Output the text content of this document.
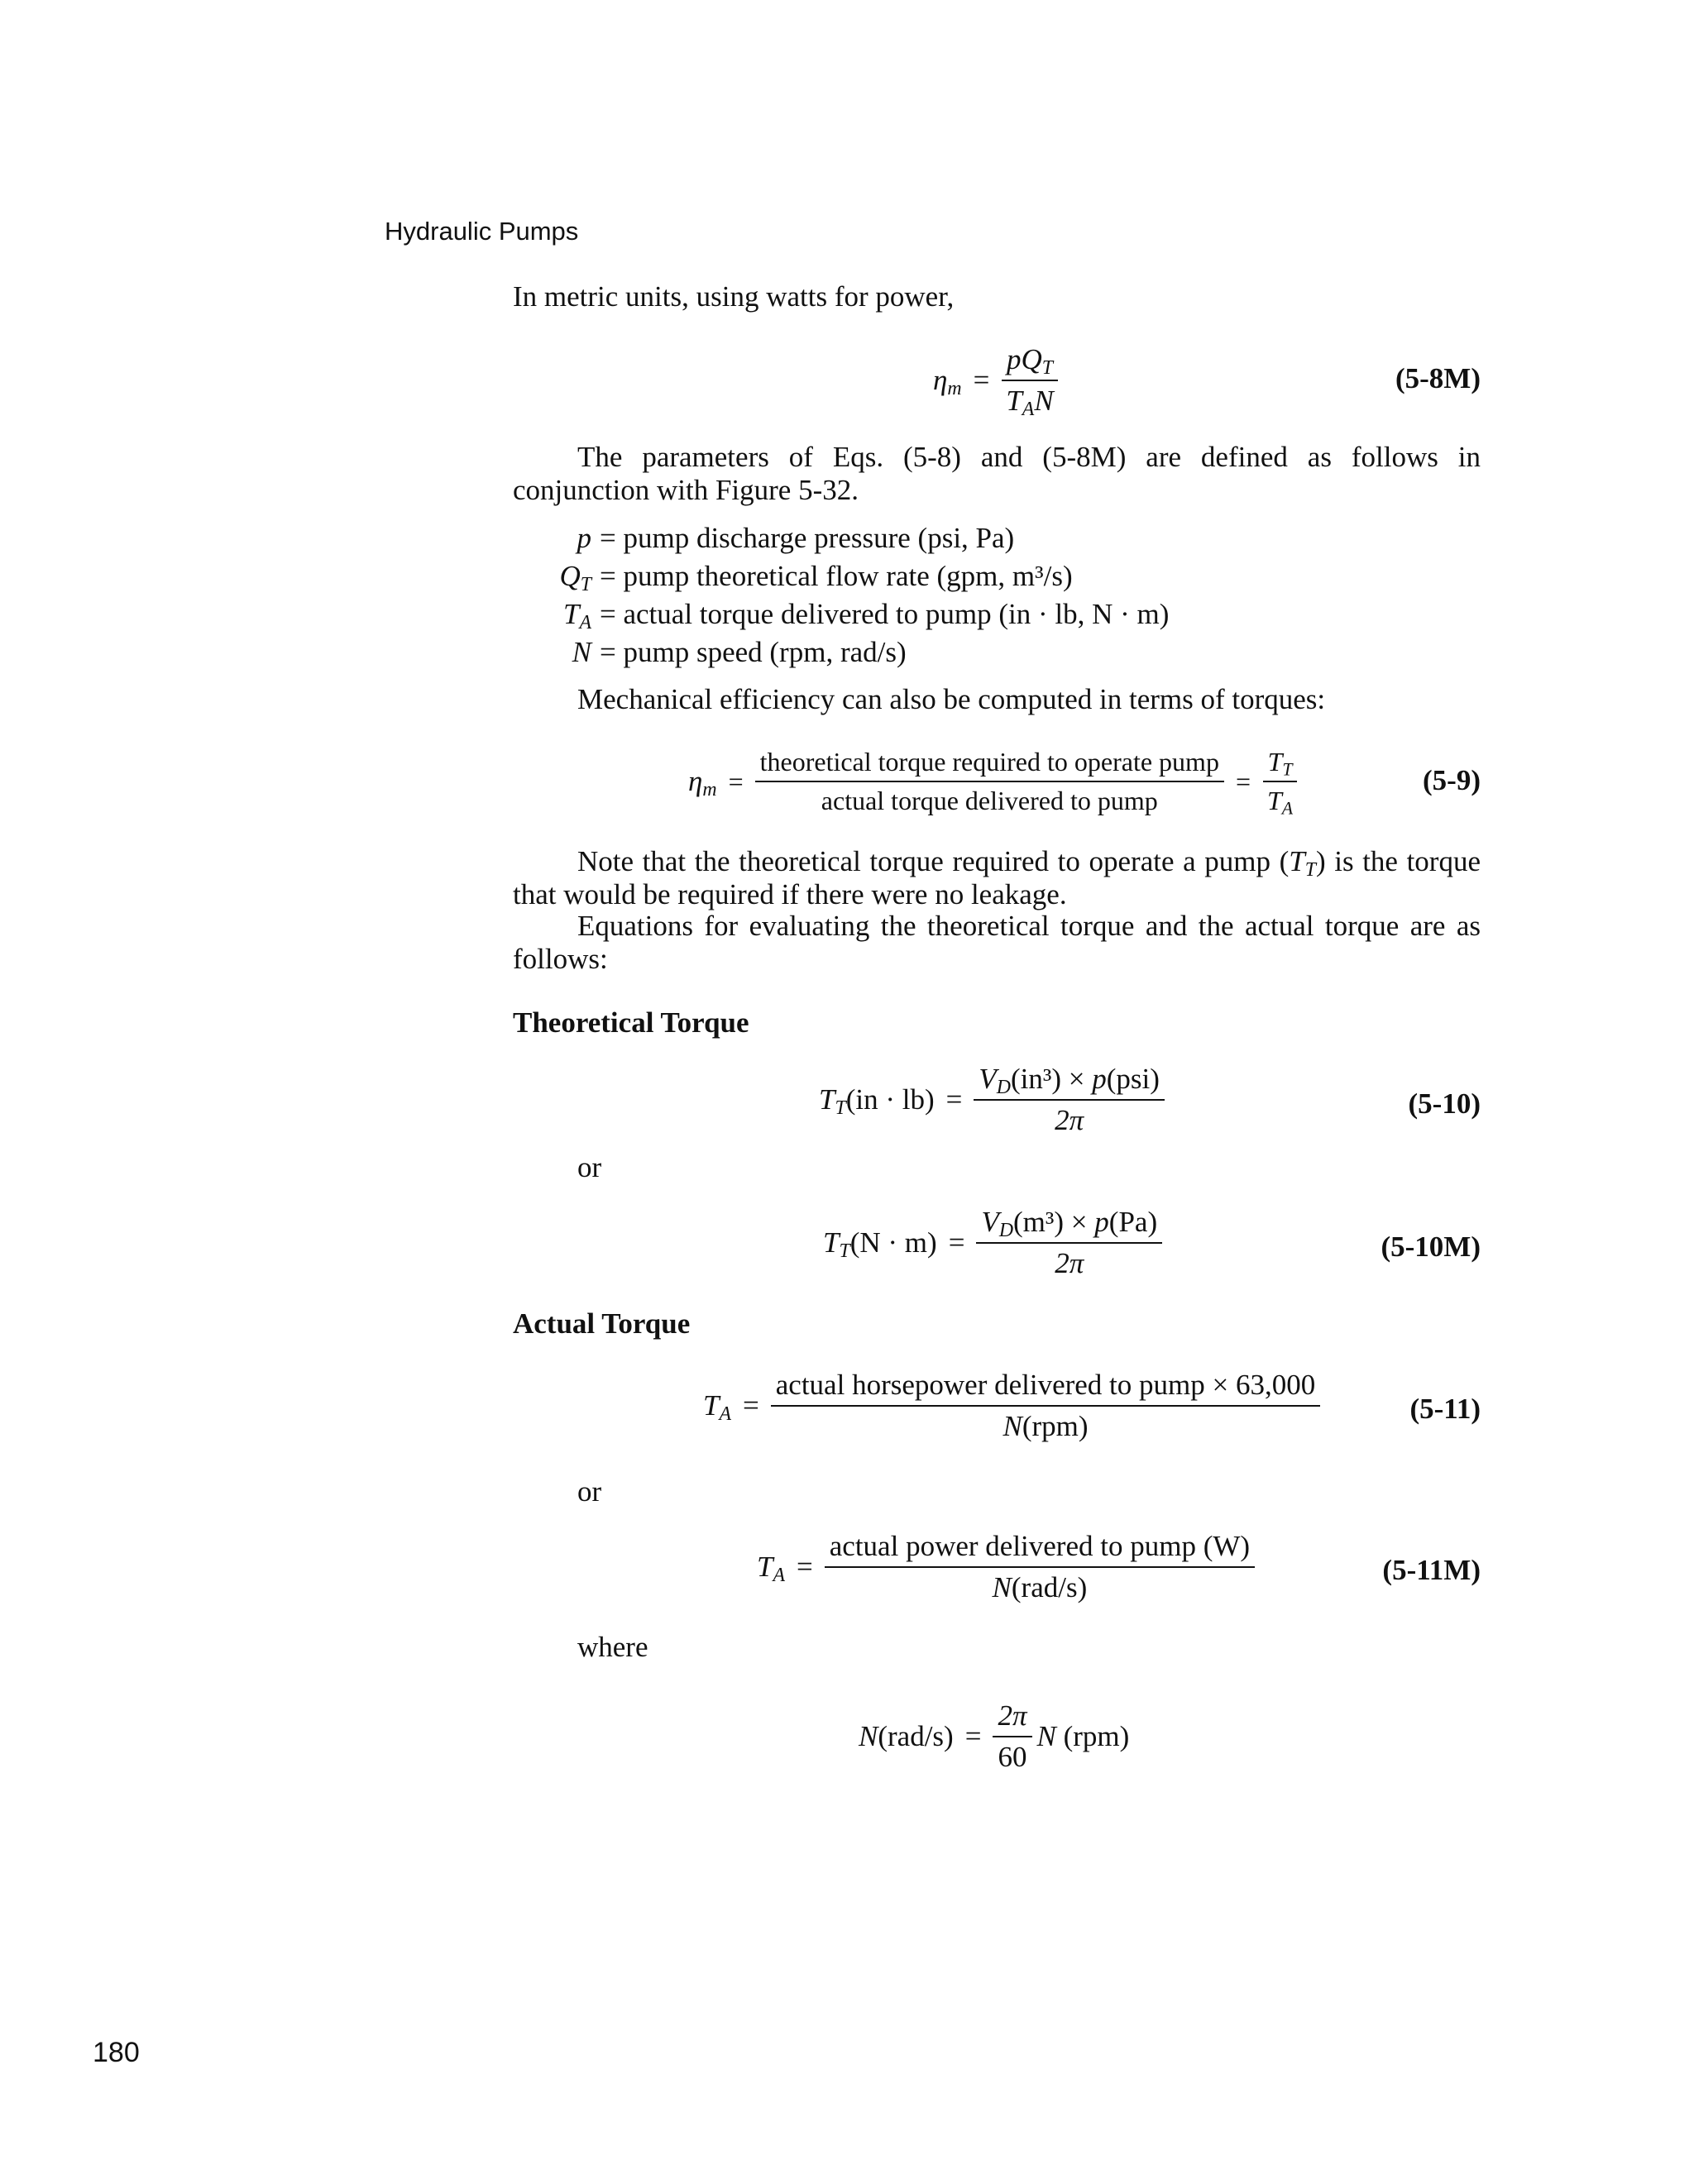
Hydraulic Pumps
In metric units, using watts for power,
$\eta_m = \frac{pQ_T}{T_AN}$	(5-8M)
The parameters of Eqs. (5-8) and (5-8M) are defined as follows in conjunction with Figure 5-32.
p = pump discharge pressure (psi, Pa)
$Q_T$ = pump theoretical flow rate (gpm, m³/s)
$T_A$ = actual torque delivered to pump (in · lb, N · m)
N = pump speed (rpm, rad/s)
Mechanical efficiency can also be computed in terms of torques:
$\eta_m = \frac{\text{theoretical torque required to operate pump}}{\text{actual torque delivered to pump}} = \frac{T_T}{T_A}$	(5-9)
Note that the theoretical torque required to operate a pump $(T_T)$ is the torque that would be required if there were no leakage.
Equations for evaluating the theoretical torque and the actual torque are as follows:
Theoretical Torque
$T_T(in \cdot lb) = \frac{V_D(in^3) \times p(psi)}{2\pi}$	(5-10)
or
$T_T(N \cdot m) = \frac{V_D(m^3) \times p(Pa)}{2\pi}$	(5-10M)
Actual Torque
$T_A = \frac{\text{actual horsepower delivered to pump × 63,000}}{\text{N(rpm)}}$	(5-11)
or
$T_A = \frac{\text{actual power delivered to pump (W)}}{\text{N(rad/s)}}$	(5-11M)
where
$N(rad/s) = \frac{2\pi}{60}$ N (rpm)
180
